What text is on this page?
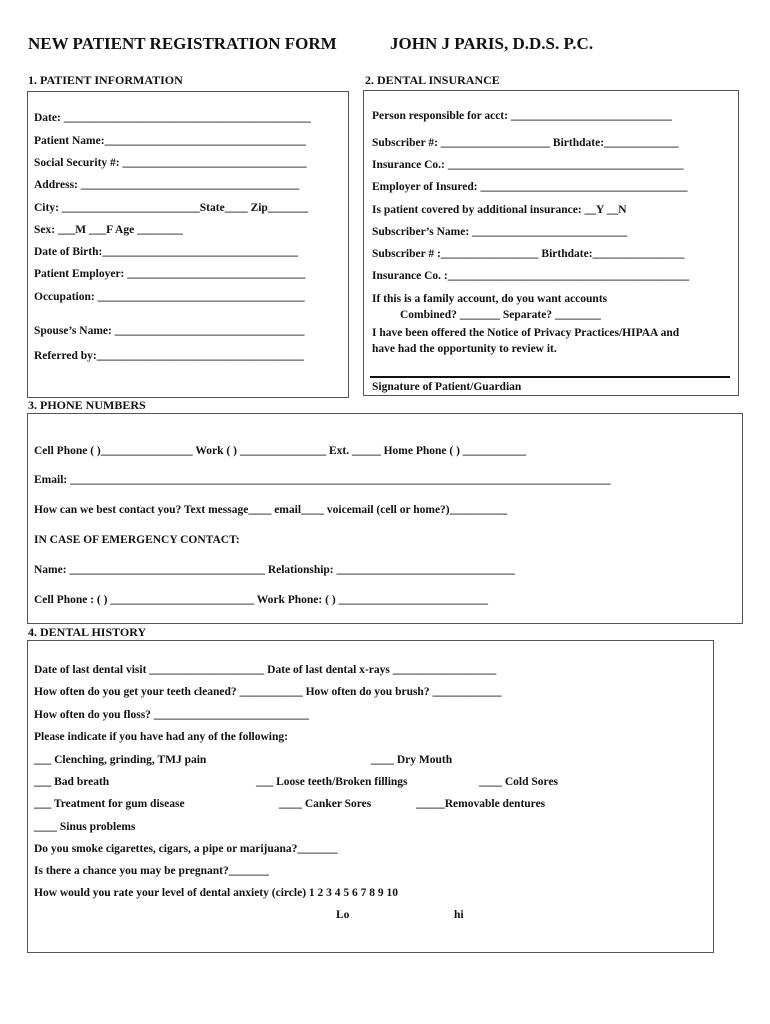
NEW PATIENT REGISTRATION FORM	JOHN J PARIS, D.D.S. P.C.
1. PATIENT INFORMATION	2. DENTAL INSURANCE
Date: ___________________________________________
Patient Name:___________________________________
Social Security #: ________________________________
Address: ______________________________________
City: ________________________State____ Zip_______
Sex: ___M ___F Age ________
Date of Birth:__________________________________
Patient Employer: _______________________________
Occupation: ____________________________________
Spouse’s Name: _________________________________
Referred by:____________________________________
Person responsible for acct: ____________________________
Subscriber #: ___________________ Birthdate:_____________
Insurance Co.: _________________________________________
Employer of Insured: ____________________________________
Is patient covered by additional insurance: __Y __N
Subscriber’s Name: ___________________________
Subscriber # :_________________ Birthdate:________________
Insurance Co. :__________________________________________
If this is a family account, do you want accounts
Combined? _______ Separate? ________
I have been offered the Notice of Privacy Practices/HIPAA and
have had the opportunity to review it.
Signature of Patient/Guardian
3. PHONE NUMBERS
Cell Phone ( )________________ Work ( ) _______________ Ext. _____ Home Phone ( ) ___________
Email: ______________________________________________________________________________________________
How can we best contact you? Text message____ email____ voicemail (cell or home?)__________
IN CASE OF EMERGENCY CONTACT:
Name: __________________________________ Relationship: _______________________________
Cell Phone : ( ) _________________________ Work Phone: ( ) __________________________
4. DENTAL HISTORY
Date of last dental visit ____________________ Date of last dental x-rays __________________
How often do you get your teeth cleaned? ___________ How often do you brush? ____________
How often do you floss? ___________________________
Please indicate if you have had any of the following:
___ Clenching, grinding, TMJ pain	____ Dry Mouth
___ Bad breath	___ Loose teeth/Broken fillings	____ Cold Sores
___ Treatment for gum disease	____ Canker Sores	_____Removable dentures
____ Sinus problems
Do you smoke cigarettes, cigars, a pipe or marijuana?_______
Is there a chance you may be pregnant?_______
How would you rate your level of dental anxiety (circle) 1 2 3 4 5 6 7 8 9 10
Lo	hi
